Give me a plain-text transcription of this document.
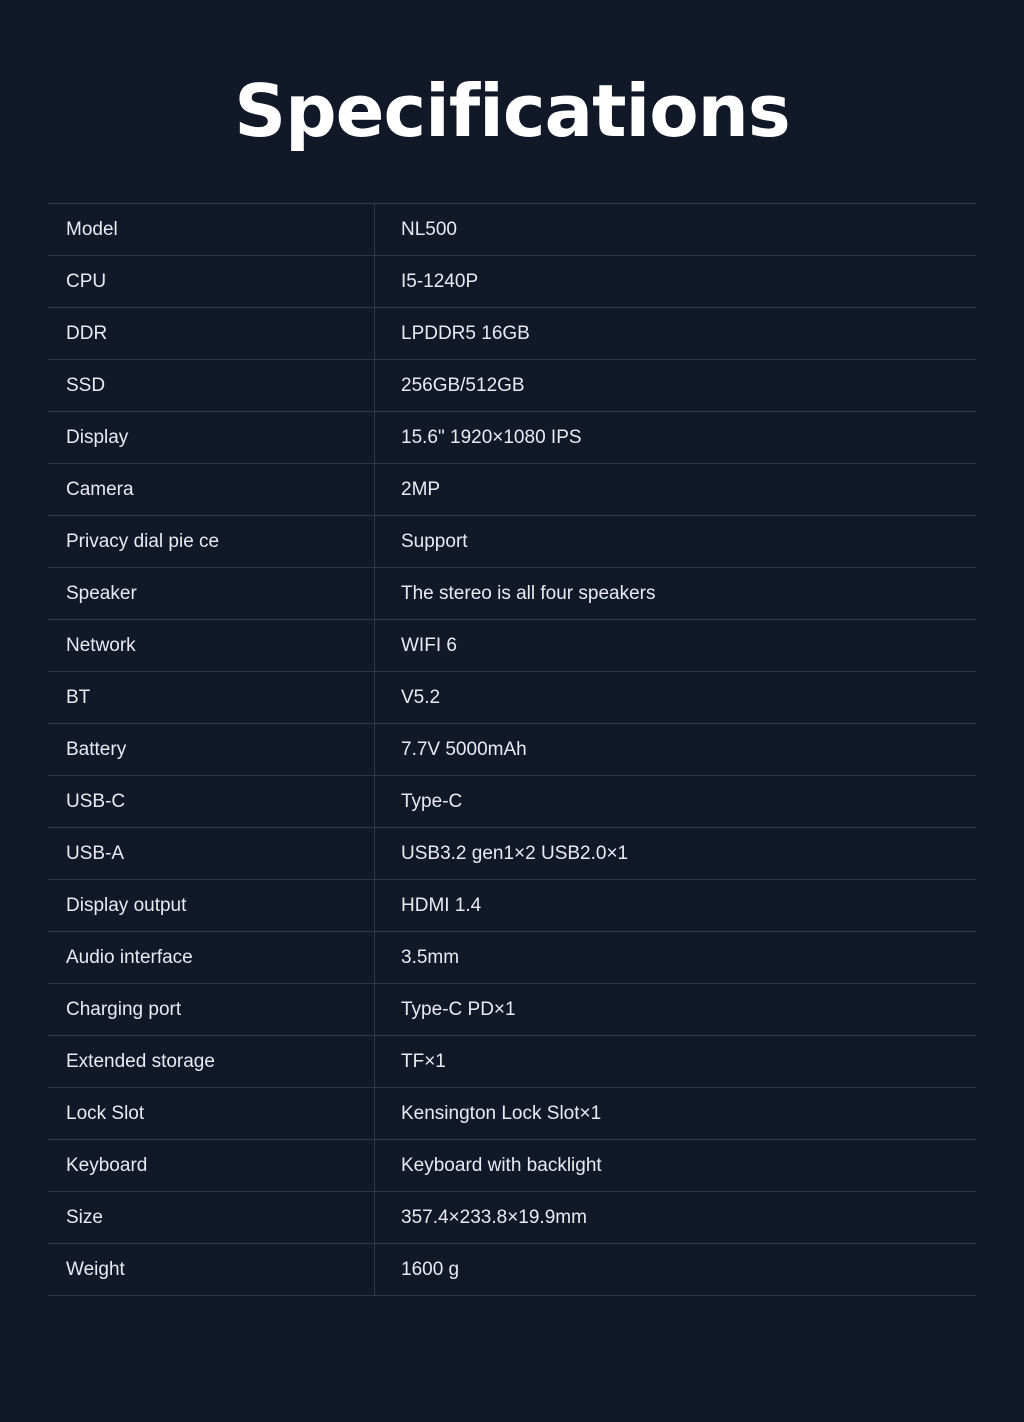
Specifications
Model	NL500
CPU	I5-1240P
DDR	LPDDR5 16GB
SSD	256GB/512GB
Display	15.6" 1920×1080 IPS
Camera	2MP
Privacy dial pie ce	Support
Speaker	The stereo is all four speakers
Network	WIFI 6
BT	V5.2
Battery	7.7V 5000mAh
USB-C	Type-C
USB-A	USB3.2 gen1×2 USB2.0×1
Display output	HDMI 1.4
Audio interface	3.5mm
Charging port	Type-C PD×1
Extended storage	TF×1
Lock Slot	Kensington Lock Slot×1
Keyboard	Keyboard with backlight
Size	357.4×233.8×19.9mm
Weight	1600 g
